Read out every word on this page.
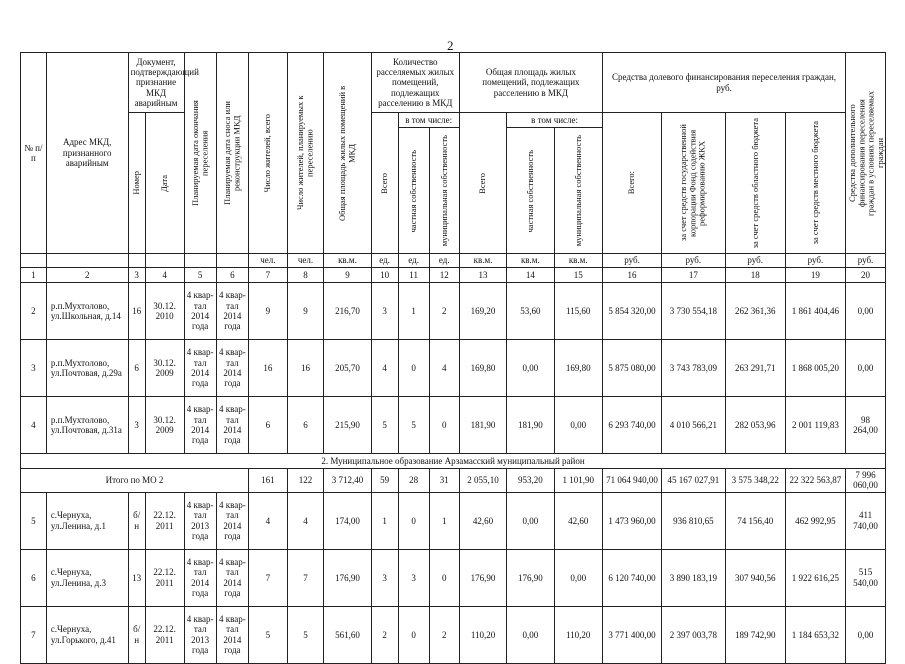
2
№ п/п	Адрес МКД, признанного аварийным	Документ, подтверждающий признание МКД аварийным		Планируемая дата окончания переселения	Планируемая дата сноса или реконструкции МКД	Число жителей, всего	Число жителей, планируемых к переселению	Общая площадь жилых помещений в МКД	Количество расселяемых жилых помещений, подлежащих расселению в МКД			Общая площадь жилых помещений, подлежащих расселению в МКД			Средства долевого финансирования переселения граждан, руб.				Средства дополнительного финансирования переселения граждан в условиях переселяемых граждан

		Номер	Дата						Всего	в том числе:		Всего	в том числе:		Всего:	за счет средств государственной корпорации Фонд содействия реформированию ЖКХ	за счет средств областного бюджета	за счет средств местного бюджета	

										частная собственность	муниципальная собственность		частная собственность	муниципальная собственность					

						чел.	чел.	кв.м.	ед.	ед.	ед.	кв.м.	кв.м.	кв.м.	руб.	руб.	руб.	руб.	руб.
1	2	3	4	5	6	7	8	9	10	11	12	13	14	15	16	17	18	19	20
2	р.п.Мухтолово, ул.Школьная, д.14	16	30.12. 2010	4 квар- тал 2014 года	4 квар- тал 2014 года	9	9	216,70	3	1	2	169,20	53,60	115,60	5 854 320,00	3 730 554,18	262 361,36	1 861 404,46	0,00
3	р.п.Мухтолово, ул.Почтовая, д.29а	6	30.12. 2009	4 квар- тал 2014 года	4 квар- тал 2014 года	16	16	205,70	4	0	4	169,80	0,00	169,80	5 875 080,00	3 743 783,09	263 291,71	1 868 005,20	0,00
4	р.п.Мухтолово, ул.Почтовая, д.31а	3	30.12. 2009	4 квар- тал 2014 года	4 квар- тал 2014 года	6	6	215,90	5	5	0	181,90	181,90	0,00	6 293 740,00	4 010 566,21	282 053,96	2 001 119,83	98 264,00
2. Муниципальное образование Арзамасский муниципальный район																			
Итого по МО 2						161	122	3 712,40	59	28	31	2 055,10	953,20	1 101,90	71 064 940,00	45 167 027,91	3 575 348,22	22 322 563,87	7 996 060,00
5	с.Чернуха, ул.Ленина, д.1	б/ н	22.12. 2011	4 квар- тал 2013 года	4 квар- тал 2014 года	4	4	174,00	1	0	1	42,60	0,00	42,60	1 473 960,00	936 810,65	74 156,40	462 992,95	411 740,00
6	с.Чернуха, ул.Ленина, д.3	13	22.12. 2011	4 квар- тал 2014 года	4 квар- тал 2014 года	7	7	176,90	3	3	0	176,90	176,90	0,00	6 120 740,00	3 890 183,19	307 940,56	1 922 616,25	515 540,00
7	с.Чернуха, ул.Горького, д.41	б/ н	22.12. 2011	4 квар- тал 2013 года	4 квар- тал 2014 года	5	5	561,60	2	0	2	110,20	0,00	110,20	3 771 400,00	2 397 003,78	189 742,90	1 184 653,32	0,00
